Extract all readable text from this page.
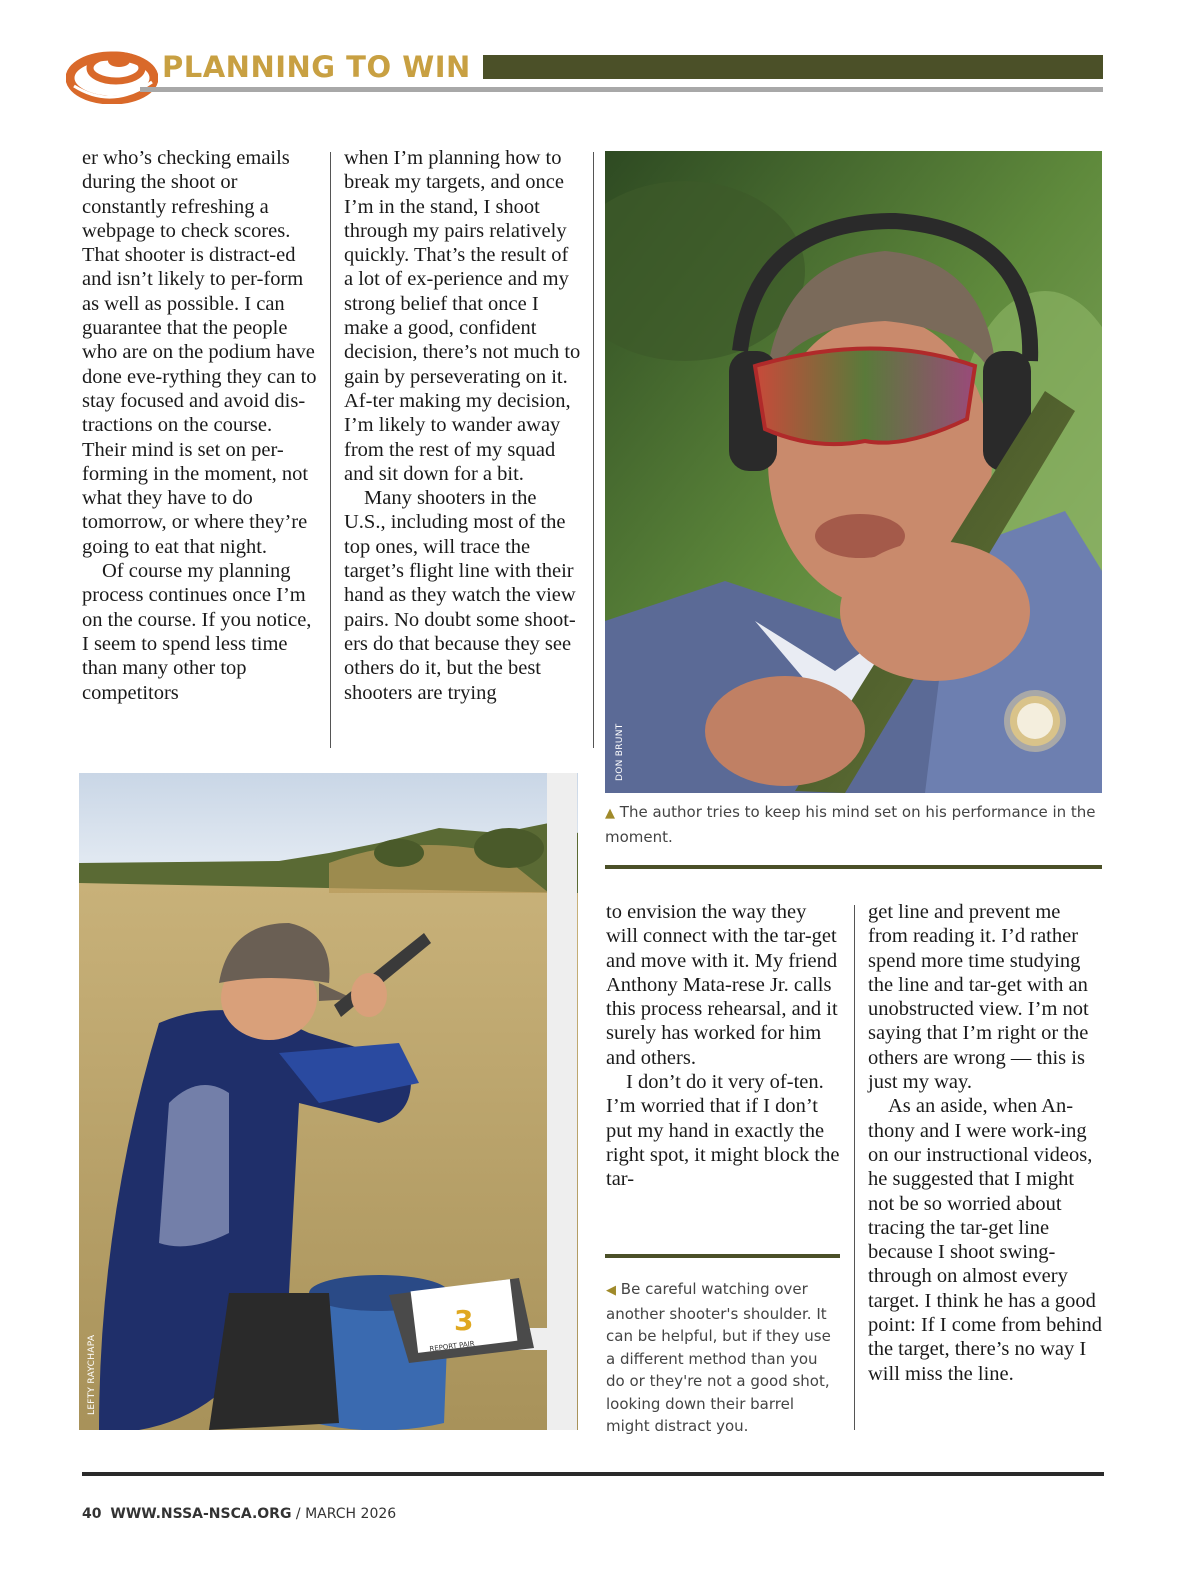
PLANNING TO WIN

er who’s checking emails during the shoot or constantly refreshing a webpage to check scores. That shooter is distract-ed and isn’t likely to per-form as well as possible. I can guarantee that the people who are on the podium have done eve-rything they can to stay focused and avoid dis-tractions on the course. Their mind is set on per-forming in the moment, not what they have to do tomorrow, or where they’re going to eat that night.

Of course my planning process continues once I’m on the course. If you notice, I seem to spend less time than many other top competitors

when I’m planning how to break my targets, and once I’m in the stand, I shoot through my pairs relatively quickly. That’s the result of a lot of ex-perience and my strong belief that once I make a good, confident decision, there’s not much to gain by perseverating on it. Af-ter making my decision, I’m likely to wander away from the rest of my squad and sit down for a bit.

Many shooters in the U.S., including most of the top ones, will trace the target’s flight line with their hand as they watch the view pairs. No doubt some shoot-ers do that because they see others do it, but the best shooters are trying

DON BRUNT
▲ The author tries to keep his mind set on his performance in the moment.
3
REPORT PAIR
LEFTY RAYCHAPA

to envision the way they will connect with the tar-get and move with it. My friend Anthony Mata-rese Jr. calls this process rehearsal, and it surely has worked for him and others.

I don’t do it very of-ten. I’m worried that if I don’t put my hand in exactly the right spot, it might block the tar-

◀ Be careful watching over another shooter's shoulder. It can be helpful, but if they use a different method than you do or they're not a good shot, looking down their barrel might distract you.

get line and prevent me from reading it. I’d rather spend more time studying the line and tar-get with an unobstructed view. I’m not saying that I’m right or the others are wrong — this is just my way.

As an aside, when An-thony and I were work-ing on our instructional videos, he suggested that I might not be so worried about tracing the tar-get line because I shoot swing-through on almost every target. I think he has a good point: If I come from behind the target, there’s no way I will miss the line.

40 WWW.NSSA-NSCA.ORG / MARCH 2026
